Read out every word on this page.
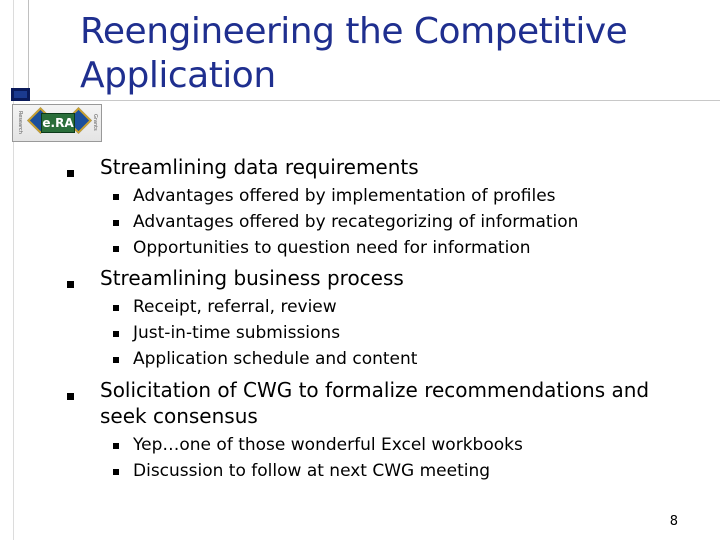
Research e.RA	Grants
Reengineering the Competitive Application
Streamlining data requirements
Advantages offered by implementation of profiles
Advantages offered by recategorizing of information
Opportunities to question need for information
Streamlining business process
Receipt, referral, review
Just-in-time submissions
Application schedule and content
Solicitation of CWG to formalize recommendations and seek consensus
Yep…one of those wonderful Excel workbooks
Discussion to follow at next CWG meeting
8
